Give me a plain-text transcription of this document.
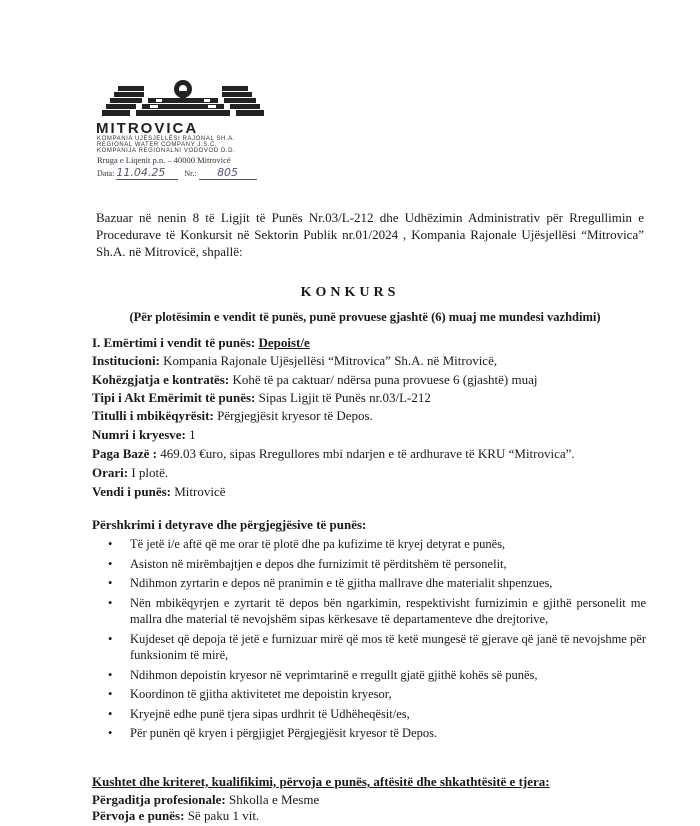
MITROVICA
KOMPANIA UJËSJELLËSI RAJONAL SH.A.
REGIONAL WATER COMPANY J.S.C.
KOMPANIJA REGIONALNI VODOVOD D.D.
Rruga e Liqenit p.n. – 40000 Mitrovicë
Data: 11.04.25 Nr.: 805
Bazuar në nenin 8 të Ligjit të Punës Nr.03/L-212 dhe Udhëzimin Administrativ për Rregullimin e Procedurave të Konkursit në Sektorin Publik nr.01/2024 , Kompania Rajonale Ujësjellësi “Mitrovica” Sh.A. në Mitrovicë, shpallë:
KONKURS
(Për plotësimin e vendit të punës, punë provuese gjashtë (6) muaj me mundesi vazhdimi)
I. Emërtimi i vendit të punës: Depoist/e
Institucioni: Kompania Rajonale Ujësjellësi “Mitrovica” Sh.A. në Mitrovicë,
Kohëzgjatja e kontratës: Kohë të pa caktuar/ ndërsa puna provuese 6 (gjashtë) muaj
Tipi i Akt Emërimit të punës: Sipas Ligjit të Punës nr.03/L-212
Titulli i mbikëqyrësit: Përgjegjësit kryesor të Depos.
Numri i kryesve: 1
Paga Bazë : 469.03 €uro, sipas Rregullores mbi ndarjen e të ardhurave të KRU “Mitrovica”.
Orari: I plotë.
Vendi i punës: Mitrovicë
Përshkrimi i detyrave dhe përgjegjësive të punës:
• Të jetë i/e aftë që me orar të plotë dhe pa kufizime të kryej detyrat e punës,
• Asiston në mirëmbajtjen e depos dhe furnizimit të përditshëm të personelit,
• Ndihmon zyrtarin e depos në pranimin e të gjitha mallrave dhe materialit shpenzues,
• Nën mbikëqyrjen e zyrtarit të depos bën ngarkimin, respektivisht furnizimin e gjithë personelit me mallra dhe material të nevojshëm sipas kërkesave të departamenteve dhe drejtorive,
• Kujdeset që depoja të jetë e furnizuar mirë që mos të ketë mungesë të gjerave që janë të nevojshme për funksionim të mirë,
• Ndihmon depoistin kryesor në veprimtarinë e rregullt gjatë gjithë kohës së punës,
• Koordinon të gjitha aktivitetet me depoistin kryesor,
• Kryejnë edhe punë tjera sipas urdhrit të Udhëheqësit/es,
• Për punën që kryen i përgjigjet Përgjegjësit kryesor të Depos.
Kushtet dhe kriteret, kualifikimi, përvoja e punës, aftësitë dhe shkathtësitë e tjera:
Përgaditja profesionale: Shkolla e Mesme
Përvoja e punës: Së paku 1 vit.
